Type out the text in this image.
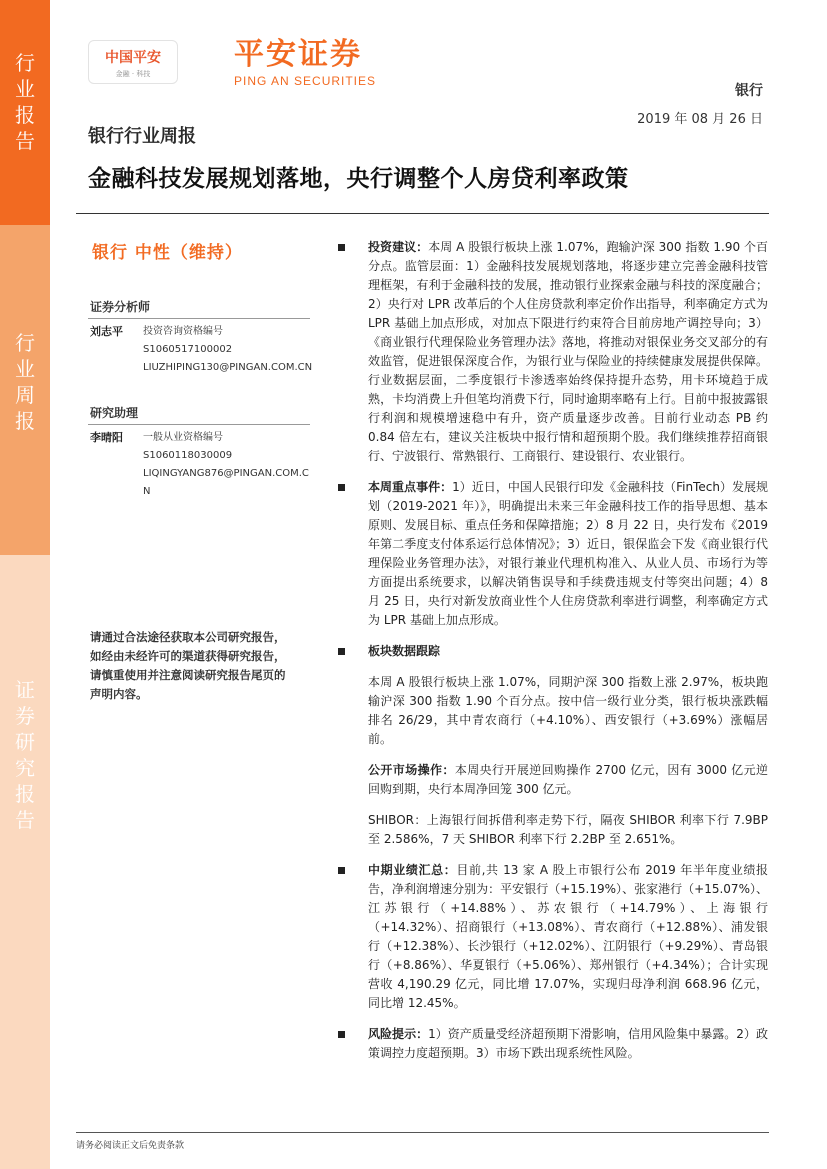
行
业
报
告
行
业
周
报
证
券
研
究
报
告
中国平安
金融 · 科技
平安证券
PING AN SECURITIES
银行
2019 年 08 月 26 日
银行行业周报
金融科技发展规划落地，央行调整个人房贷利率政策
银行 中性（维持）
证券分析师
刘志平	投资咨询资格编号
S1060517100002
LIUZHIPING130@PINGAN.COM.CN
研究助理
李晴阳	一般从业资格编号
S1060118030009
LIQINGYANG876@PINGAN.COM.C
N
请通过合法途径获取本公司研究报告，如经由未经许可的渠道获得研究报告，请慎重使用并注意阅读研究报告尾页的声明内容。
投资建议：本周 A 股银行板块上涨 1.07%，跑输沪深 300 指数 1.90 个百分点。监管层面：1）金融科技发展规划落地，将逐步建立完善金融科技管理框架，有利于金融科技的发展，推动银行业探索金融与科技的深度融合；2）央行对 LPR 改革后的个人住房贷款利率定价作出指导，利率确定方式为 LPR 基础上加点形成，对加点下限进行约束符合目前房地产调控导向；3）《商业银行代理保险业务管理办法》落地，将推动对银保业务交叉部分的有效监管，促进银保深度合作，为银行业与保险业的持续健康发展提供保障。行业数据层面，二季度银行卡渗透率始终保持提升态势，用卡环境趋于成熟，卡均消费上升但笔均消费下行，同时逾期率略有上行。目前中报披露银行利润和规模增速稳中有升，资产质量逐步改善。目前行业动态 PB 约 0.84 倍左右，建议关注板块中报行情和超预期个股。我们继续推荐招商银行、宁波银行、常熟银行、工商银行、建设银行、农业银行。
本周重点事件：1）近日，中国人民银行印发《金融科技（FinTech）发展规划（2019-2021 年）》，明确提出未来三年金融科技工作的指导思想、基本原则、发展目标、重点任务和保障措施；2）8 月 22 日，央行发布《2019 年第二季度支付体系运行总体情况》；3）近日，银保监会下发《商业银行代理保险业务管理办法》，对银行兼业代理机构准入、从业人员、市场行为等方面提出系统要求，以解决销售误导和手续费违规支付等突出问题；4）8 月 25 日，央行对新发放商业性个人住房贷款利率进行调整，利率确定方式为 LPR 基础上加点形成。
板块数据跟踪
本周 A 股银行板块上涨 1.07%，同期沪深 300 指数上涨 2.97%，板块跑输沪深 300 指数 1.90 个百分点。按中信一级行业分类，银行板块涨跌幅排名 26/29，其中青农商行（+4.10%）、西安银行（+3.69%）涨幅居前。
公开市场操作：本周央行开展逆回购操作 2700 亿元，因有 3000 亿元逆回购到期，央行本周净回笼 300 亿元。
SHIBOR：上海银行间拆借利率走势下行，隔夜 SHIBOR 利率下行 7.9BP 至 2.586%，7 天 SHIBOR 利率下行 2.2BP 至 2.651%。
中期业绩汇总：目前,共 13 家 A 股上市银行公布 2019 年半年度业绩报告，净利润增速分别为：平安银行（+15.19%）、张家港行（+15.07%）、江苏银行（+14.88%）、苏农银行（+14.79%）、上海银行（+14.32%）、招商银行（+13.08%）、青农商行（+12.88%）、浦发银行（+12.38%）、长沙银行（+12.02%）、江阴银行（+9.29%）、青岛银行（+8.86%）、华夏银行（+5.06%）、郑州银行（+4.34%）；合计实现营收 4,190.29 亿元，同比增 17.07%，实现归母净利润 668.96 亿元，同比增 12.45%。
风险提示：1）资产质量受经济超预期下滑影响，信用风险集中暴露。2）政策调控力度超预期。3）市场下跌出现系统性风险。
请务必阅读正文后免责条款
